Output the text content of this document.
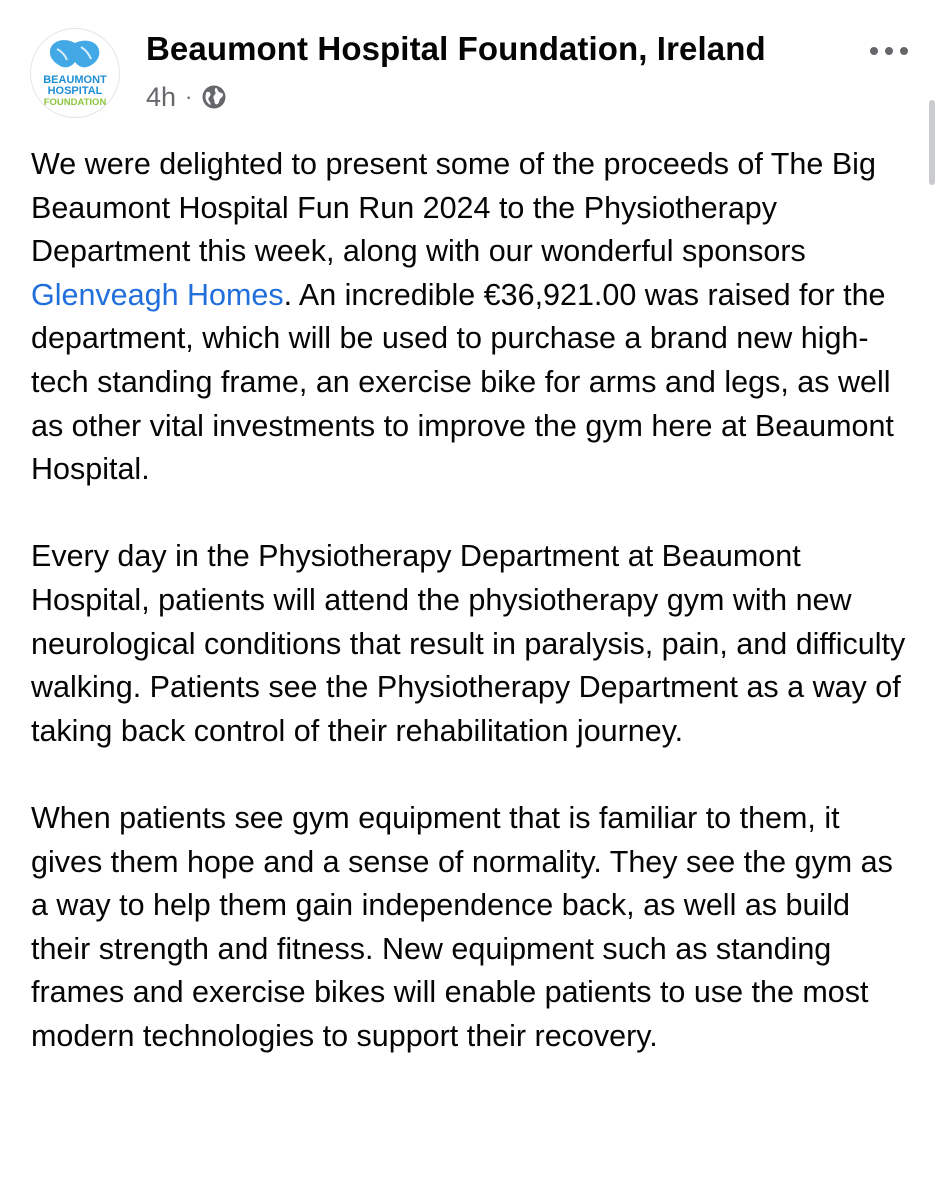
BEAUMONT
HOSPITAL
FOUNDATION
Beaumont Hospital Foundation, Ireland
4h ·

We were delighted to present some of the proceeds of The Big Beaumont Hospital Fun Run 2024 to the Physiotherapy Department this week, along with our wonderful sponsors Glenveagh Homes. An incredible €36,921.00 was raised for the department, which will be used to purchase a brand new high-tech standing frame, an exercise bike for arms and legs, as well as other vital investments to improve the gym here at Beaumont Hospital.

Every day in the Physiotherapy Department at Beaumont Hospital, patients will attend the physiotherapy gym with new neurological conditions that result in paralysis, pain, and difficulty walking. Patients see the Physiotherapy Department as a way of taking back control of their rehabilitation journey.

When patients see gym equipment that is familiar to them, it gives them hope and a sense of normality. They see the gym as a way to help them gain independence back, as well as build their strength and fitness. New equipment such as standing frames and exercise bikes will enable patients to use the most modern technologies to support their recovery.
